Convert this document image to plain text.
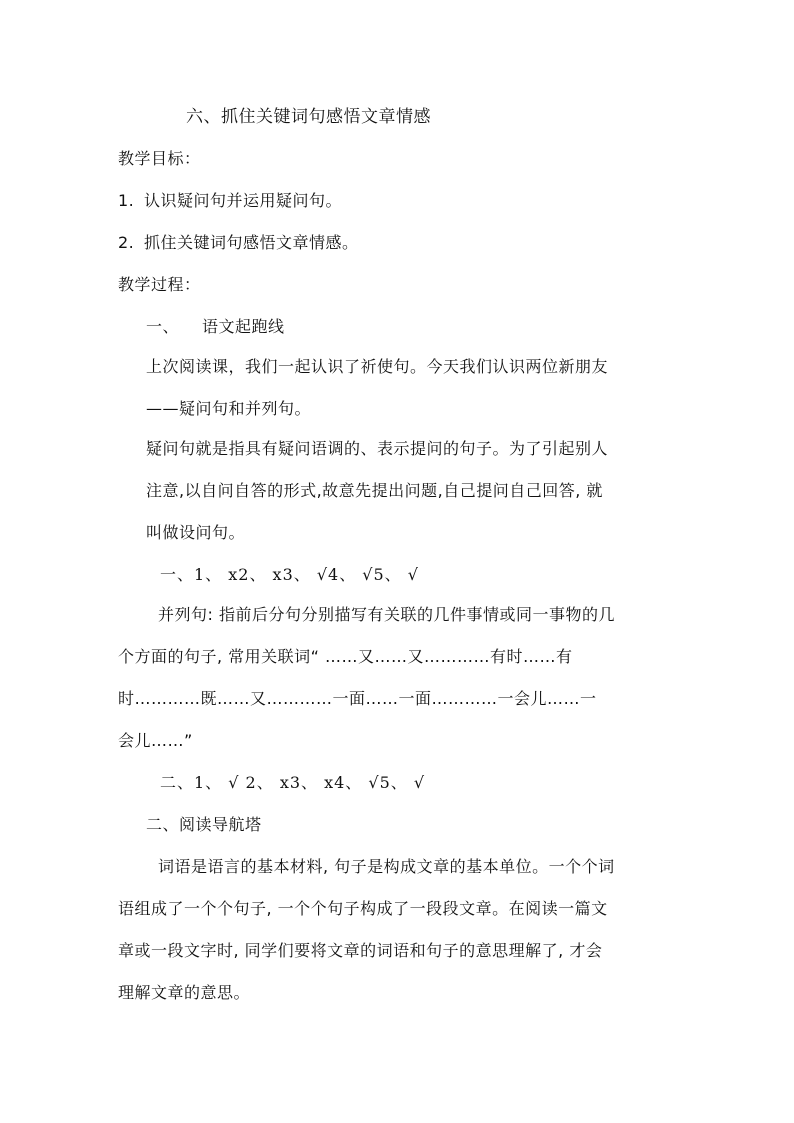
六、抓住关键词句感悟文章情感
教学目标：
1. 认识疑问句并运用疑问句。
2. 抓住关键词句感悟文章情感。
教学过程：
一、 语文起跑线
上次阅读课，我们一起认识了祈使句。今天我们认识两位新朋友
——疑问句和并列句。
疑问句就是指具有疑问语调的、表示提问的句子。为了引起别人
注意,以自问自答的形式,故意先提出问题,自己提问自己回答, 就
叫做设问句。
一、1、 x2、 x3、 √4、 √5、 √
并列句: 指前后分句分别描写有关联的几件事情或同一事物的几
个方面的句子, 常用关联词“ ……又……又…………有时……有
时…………既……又…………一面……一面…………一会儿……一
会儿……”
二、1、 √ 2、 x3、 x4、 √5、 √
二、阅读导航塔
词语是语言的基本材料, 句子是构成文章的基本单位。一个个词
语组成了一个个句子, 一个个句子构成了一段段文章。在阅读一篇文
章或一段文字时, 同学们要将文章的词语和句子的意思理解了, 才会
理解文章的意思。
